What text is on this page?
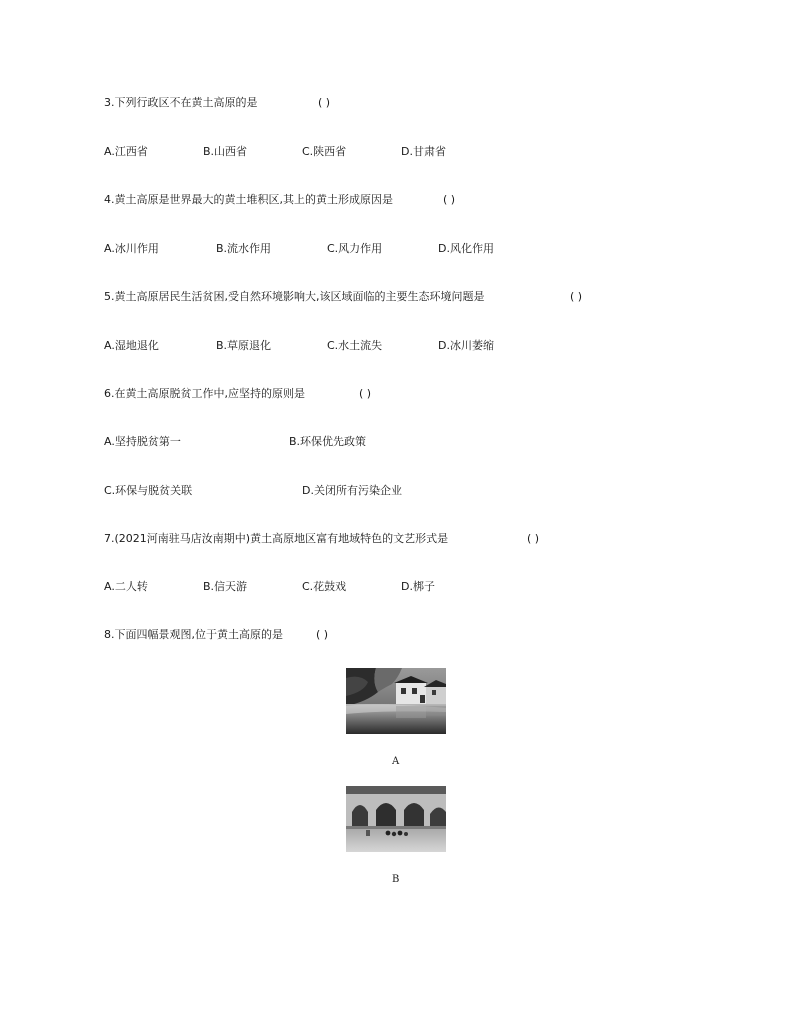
3.下列行政区不在黄土高原的是	( )
A.江西省	B.山西省	C.陕西省	D.甘肃省
4.黄土高原是世界最大的黄土堆积区,其上的黄土形成原因是	( )
A.冰川作用	B.流水作用	C.风力作用	D.风化作用
5.黄土高原居民生活贫困,受自然环境影响大,该区域面临的主要生态环境问题是	( )
A.湿地退化	B.草原退化	C.水土流失	D.冰川萎缩
6.在黄土高原脱贫工作中,应坚持的原则是	( )
A.坚持脱贫第一	B.环保优先政策
C.环保与脱贫关联	D.关闭所有污染企业
7.(2021河南驻马店汝南期中)黄土高原地区富有地域特色的文艺形式是	( )
A.二人转	B.信天游	C.花鼓戏	D.梆子
8.下面四幅景观图,位于黄土高原的是	( )
A
B
